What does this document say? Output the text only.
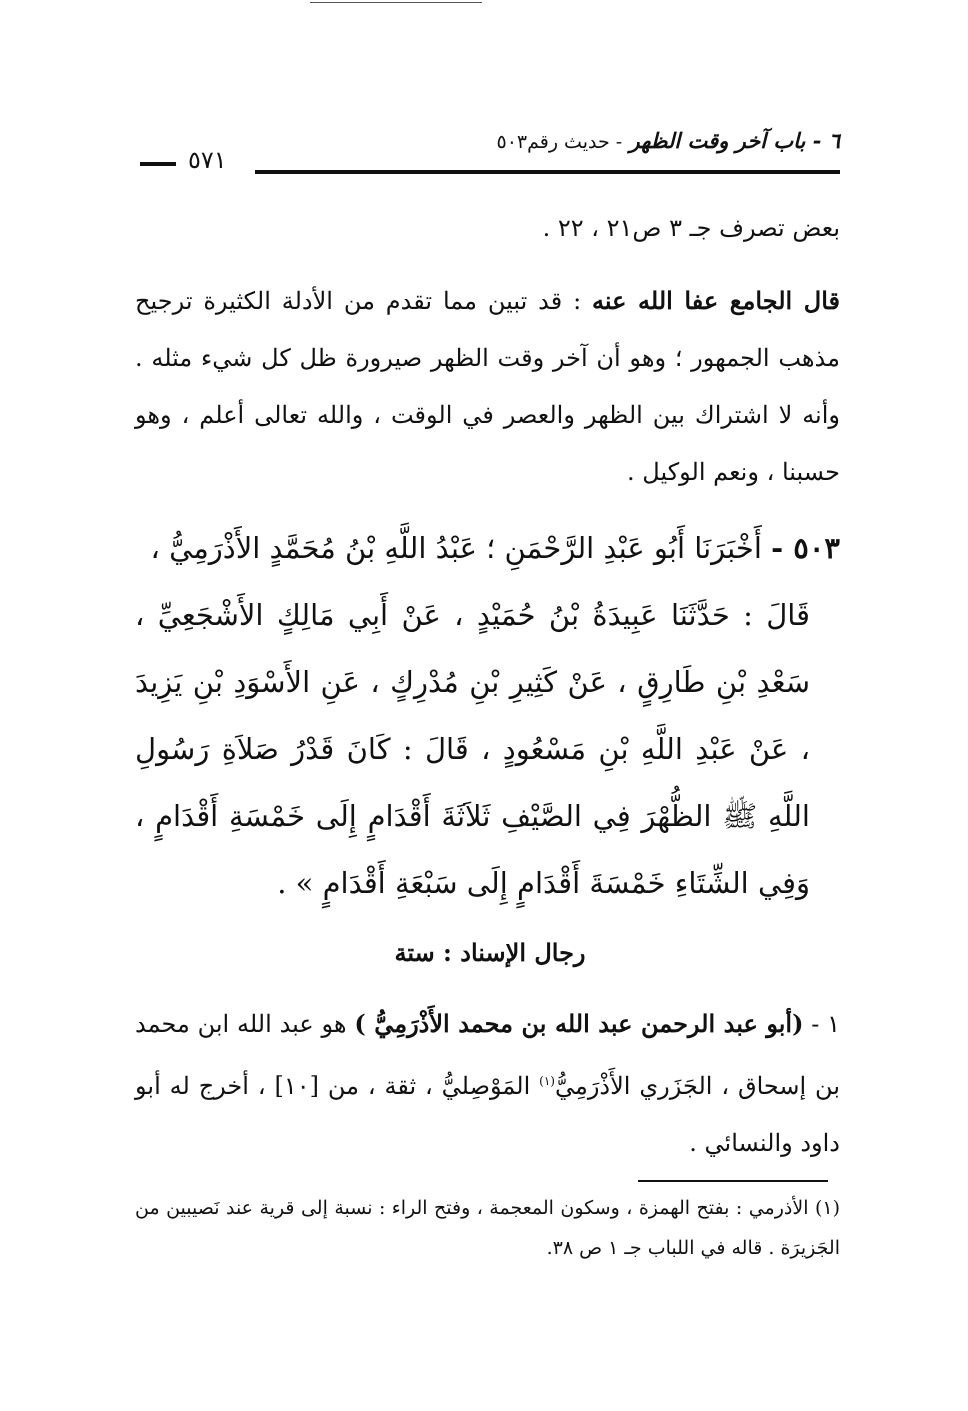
٦ - باب آخر وقت الظهر - حديث رقم٥٠٣
٥٧١

بعض تصرف جـ ٣ ص٢١ ، ٢٢ .

قال الجامع عفا الله عنه : قد تبين مما تقدم من الأدلة الكثيرة ترجيح مذهب الجمهور ؛ وهو أن آخر وقت الظهر صيرورة ظل كل شيء مثله . وأنه لا اشتراك بين الظهر والعصر في الوقت ، والله تعالى أعلم ، وهو حسبنا ، ونعم الوكيل .

٥٠٣ - أَخْبَرَنَا أَبُو عَبْدِ الرَّحْمَنِ ؛ عَبْدُ اللَّهِ بْنُ مُحَمَّدٍ الأَذْرَمِيُّ ،
قَالَ : حَدَّثَنَا عَبِيدَةُ بْنُ حُمَيْدٍ ، عَنْ أَبِي مَالِكٍ الأَشْجَعِيِّ ، سَعْدِ بْنِ طَارِقٍ ، عَنْ كَثِيرِ بْنِ مُدْرِكٍ ، عَنِ الأَسْوَدِ بْنِ يَزِيدَ ، عَنْ عَبْدِ اللَّهِ بْنِ مَسْعُودٍ ، قَالَ : كَانَ قَدْرُ صَلاَةِ رَسُولِ اللَّهِ ﷺ الظُّهْرَ فِي الصَّيْفِ ثَلاَثَةَ أَقْدَامٍ إِلَى خَمْسَةِ أَقْدَامٍ ، وَفِي الشِّتَاءِ خَمْسَةَ أَقْدَامٍ إِلَى سَبْعَةِ أَقْدَامٍ » .

رجال الإسناد : ستة

١ - (أبو عبد الرحمن عبد الله بن محمد الأَذْرَمِيُّ ) هو عبد الله ابن محمد بن إسحاق ، الجَزَري الأَذْرَمِيُّ$^{(١)}$ المَوْصِليُّ ، ثقة ، من [١٠] ، أخرج له أبو داود والنسائي .

(١) الأذرمي : بفتح الهمزة ، وسكون المعجمة ، وفتح الراء : نسبة إلى قرية عند نَصيبين من الجَزيرَة . قاله في اللباب جـ ١ ص ٣٨.
